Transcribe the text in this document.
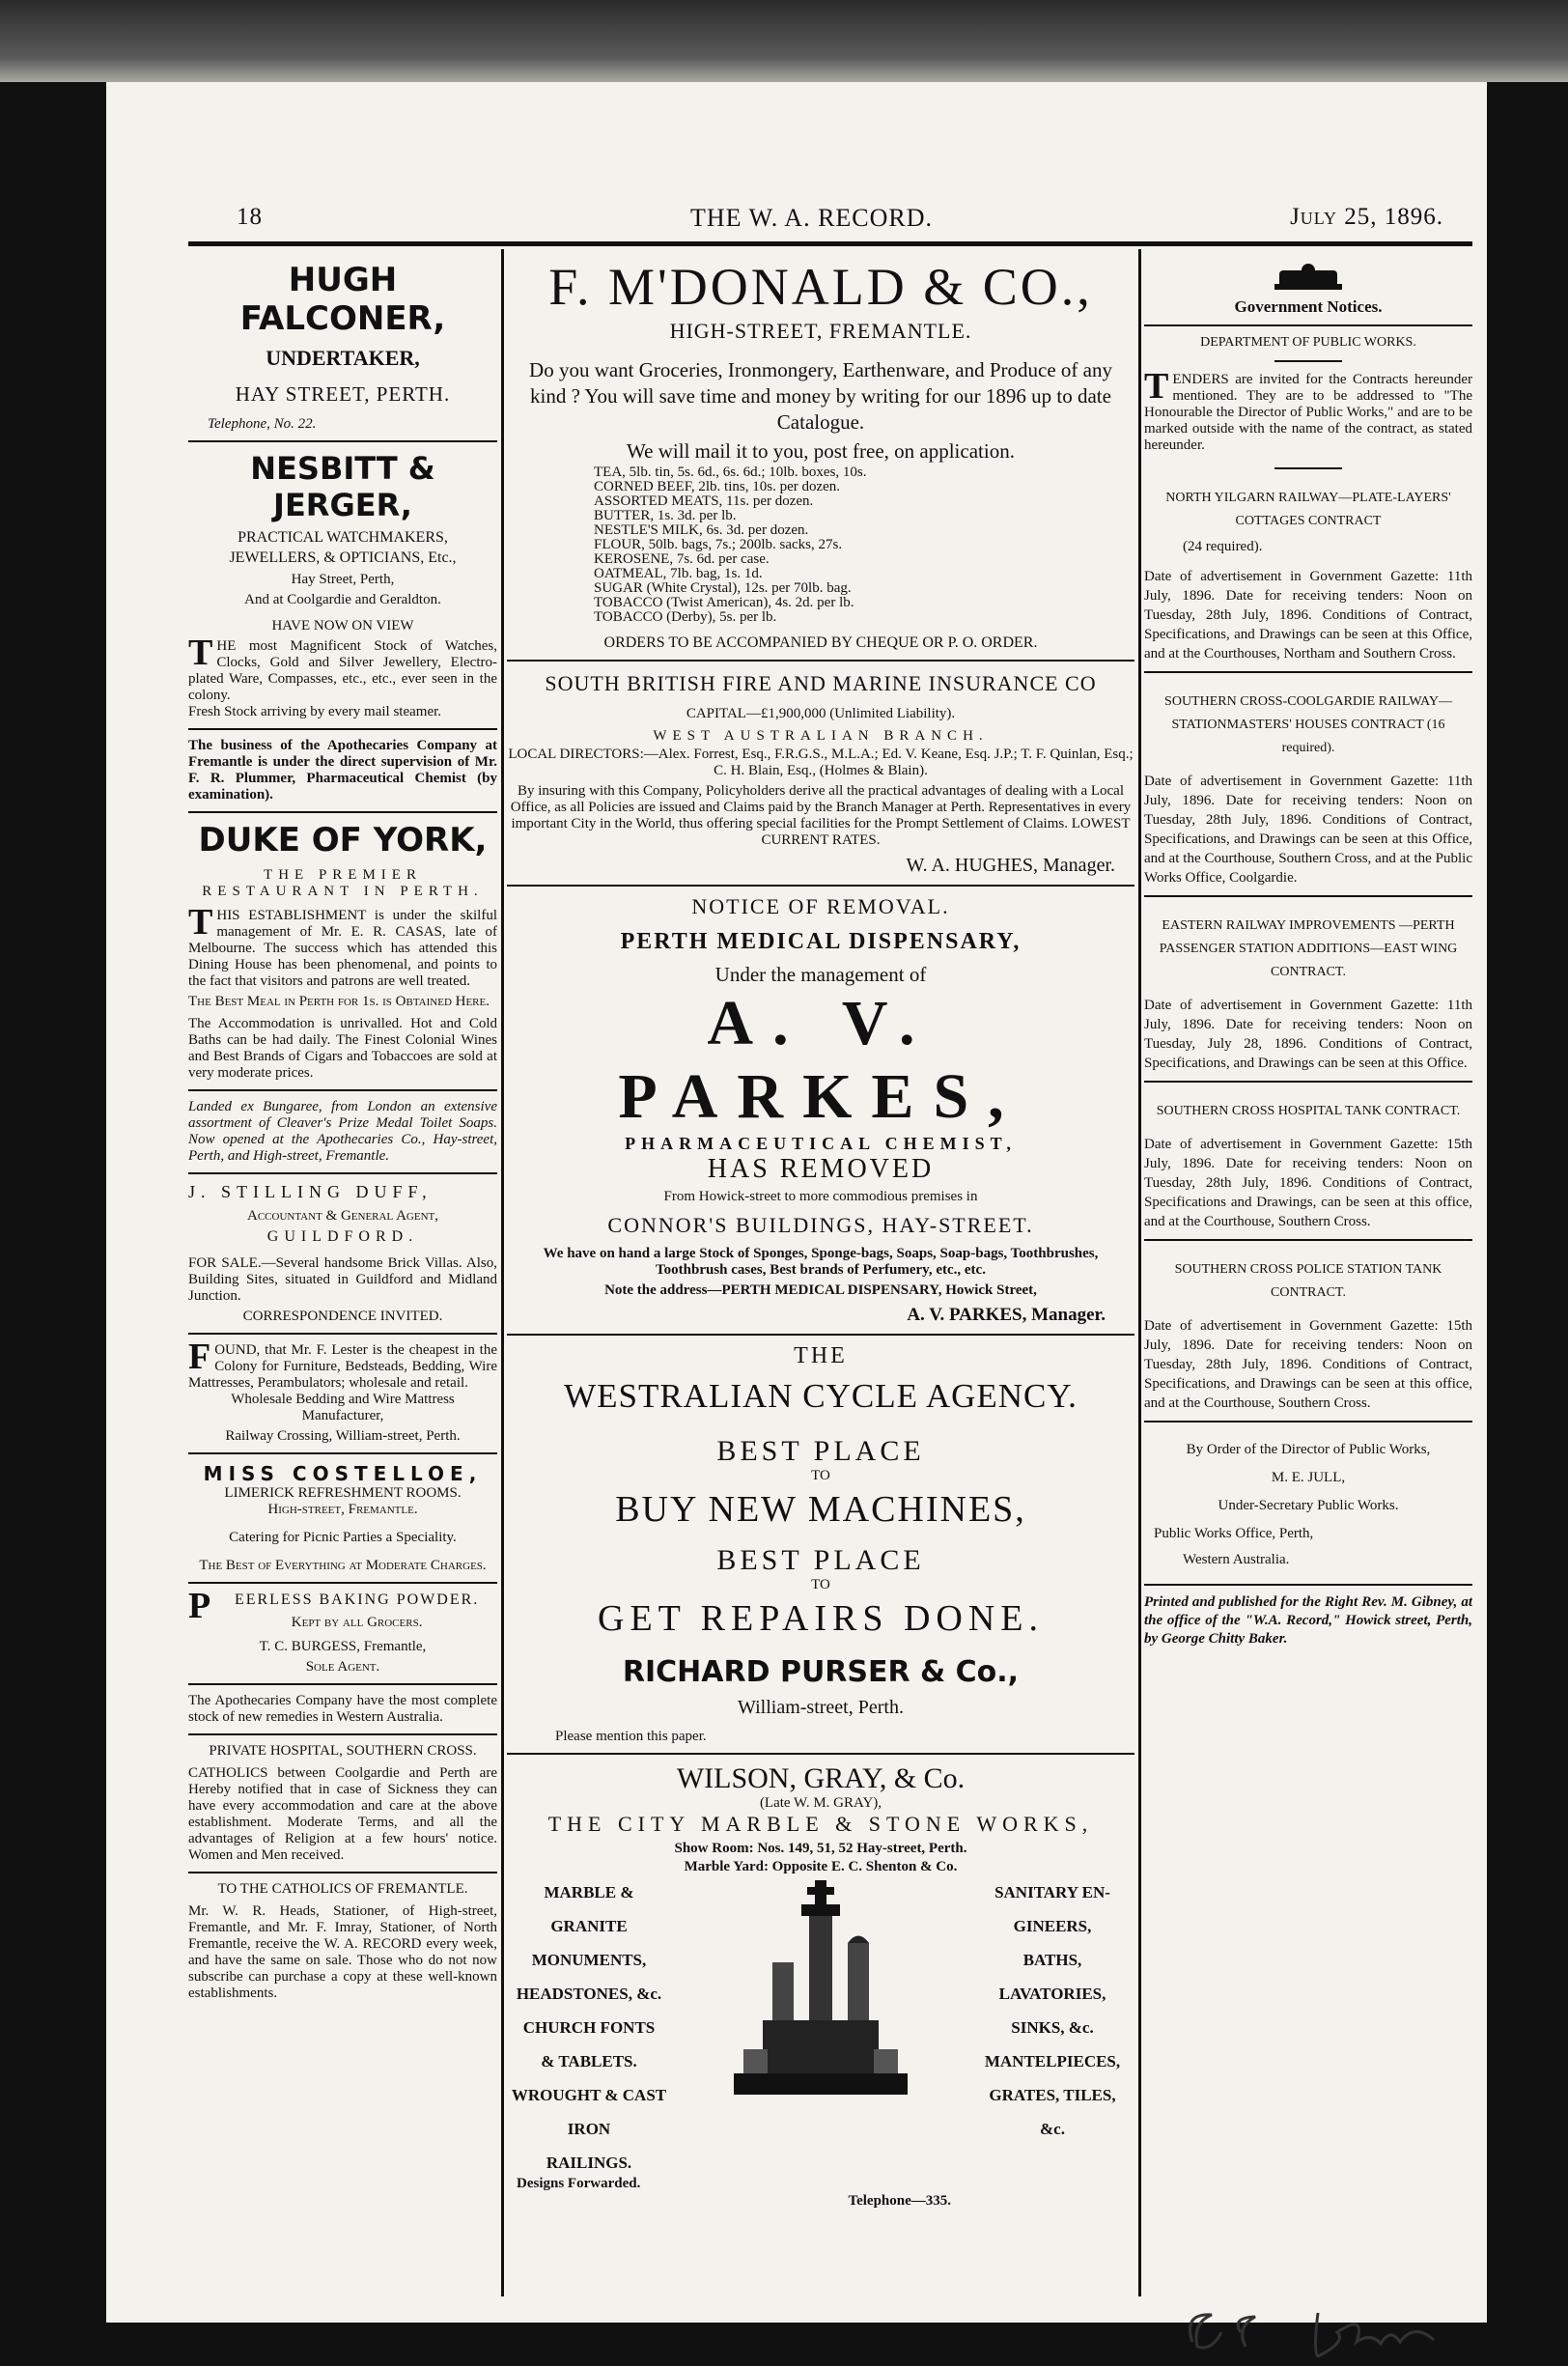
18	THE W. A. RECORD.	July 25, 1896.
HUGH FALCONER,
UNDERTAKER,
HAY STREET, PERTH.
Telephone, No. 22.
NESBITT & JERGER,
PRACTICAL WATCHMAKERS,
JEWELLERS, & OPTICIANS, Etc.,
Hay Street, Perth,
And at Coolgardie and Geraldton.
HAVE NOW ON VIEW
THE most Magnificent Stock of Watches, Clocks, Gold and Silver Jewellery, Electro-plated Ware, Compasses, etc., etc., ever seen in the colony.
Fresh Stock arriving by every mail steamer.
The business of the Apothecaries Company at Fremantle is under the direct supervision of Mr. F. R. Plummer, Pharmaceutical Chemist (by examination).
DUKE OF YORK,
THE PREMIER RESTAURANT IN PERTH.
THIS ESTABLISHMENT is under the skilful management of Mr. E. R. CASAS, late of Melbourne. The success which has attended this Dining House has been phenomenal, and points to the fact that visitors and patrons are well treated.
The Best Meal in Perth for 1s. is Obtained Here.
The Accommodation is unrivalled. Hot and Cold Baths can be had daily. The Finest Colonial Wines and Best Brands of Cigars and Tobaccoes are sold at very moderate prices.
Landed ex Bungaree, from London an extensive assortment of Cleaver's Prize Medal Toilet Soaps. Now opened at the Apothecaries Co., Hay-street, Perth, and High-street, Fremantle.
J. STILLING DUFF,
Accountant & General Agent,
GUILDFORD.
FOR SALE.—Several handsome Brick Villas. Also, Building Sites, situated in Guildford and Midland Junction.
CORRESPONDENCE INVITED.
FOUND, that Mr. F. Lester is the cheapest in the Colony for Furniture, Bedsteads, Bedding, Wire Mattresses, Perambulators; wholesale and retail.
Wholesale Bedding and Wire Mattress Manufacturer,
Railway Crossing, William-street, Perth.
MISS COSTELLOE,
LIMERICK REFRESHMENT ROOMS.
High-street, Fremantle.
Catering for Picnic Parties a Speciality.
The Best of Everything at Moderate Charges.
PEERLESS BAKING POWDER.
Kept by all Grocers.
T. C. BURGESS, Fremantle,
Sole Agent.
The Apothecaries Company have the most complete stock of new remedies in Western Australia.
PRIVATE HOSPITAL, SOUTHERN CROSS.
CATHOLICS between Coolgardie and Perth are Hereby notified that in case of Sickness they can have every accommodation and care at the above establishment. Moderate Terms, and all the advantages of Religion at a few hours' notice. Women and Men received.
TO THE CATHOLICS OF FREMANTLE.
Mr. W. R. Heads, Stationer, of High-street, Fremantle, and Mr. F. Imray, Stationer, of North Fremantle, receive the W. A. RECORD every week, and have the same on sale. Those who do not now subscribe can purchase a copy at these well-known establishments.
F. M'DONALD & CO.,
HIGH-STREET, FREMANTLE.
Do you want Groceries, Ironmongery, Earthenware, and Produce of any kind ? You will save time and money by writing for our 1896 up to date Catalogue.
We will mail it to you, post free, on application.
TEA, 5lb. tin, 5s. 6d., 6s. 6d.; 10lb. boxes, 10s.
CORNED BEEF, 2lb. tins, 10s. per dozen.
ASSORTED MEATS, 11s. per dozen.
BUTTER, 1s. 3d. per lb.
NESTLE'S MILK, 6s. 3d. per dozen.
FLOUR, 50lb. bags, 7s.; 200lb. sacks, 27s.
KEROSENE, 7s. 6d. per case.
OATMEAL, 7lb. bag, 1s. 1d.
SUGAR (White Crystal), 12s. per 70lb. bag.
TOBACCO (Twist American), 4s. 2d. per lb.
TOBACCO (Derby), 5s. per lb.
ORDERS TO BE ACCOMPANIED BY CHEQUE OR P. O. ORDER.
SOUTH BRITISH FIRE AND MARINE INSURANCE CO
CAPITAL—£1,900,000 (Unlimited Liability).
WEST AUSTRALIAN BRANCH.
LOCAL DIRECTORS:—Alex. Forrest, Esq., F.R.G.S., M.L.A.; Ed. V. Keane, Esq. J.P.; T. F. Quinlan, Esq.; C. H. Blain, Esq., (Holmes & Blain).
By insuring with this Company, Policyholders derive all the practical advantages of dealing with a Local Office, as all Policies are issued and Claims paid by the Branch Manager at Perth. Representatives in every important City in the World, thus offering special facilities for the Prompt Settlement of Claims. LOWEST CURRENT RATES.
W. A. HUGHES, Manager.
NOTICE OF REMOVAL.
PERTH MEDICAL DISPENSARY,
Under the management of
A. V. PARKES,
PHARMACEUTICAL CHEMIST,
HAS REMOVED
From Howick-street to more commodious premises in
CONNOR'S BUILDINGS, HAY-STREET.
We have on hand a large Stock of Sponges, Sponge-bags, Soaps, Soap-bags, Toothbrushes, Toothbrush cases, Best brands of Perfumery, etc., etc.
Note the address—PERTH MEDICAL DISPENSARY, Howick Street,
A. V. PARKES, Manager.
THE
WESTRALIAN CYCLE AGENCY.
BEST PLACE
TO
BUY NEW MACHINES,
BEST PLACE
TO
GET REPAIRS DONE.
RICHARD PURSER & Co.,
William-street, Perth.
Please mention this paper.
WILSON, GRAY, & Co.
(Late W. M. GRAY),
THE CITY MARBLE & STONE WORKS,
Show Room: Nos. 149, 51, 52 Hay-street, Perth.
Marble Yard: Opposite E. C. Shenton & Co.
MARBLE & GRANITE
MONUMENTS,
HEADSTONES, &c.
CHURCH FONTS
& TABLETS.
WROUGHT & CAST IRON
RAILINGS.
SANITARY EN-
GINEERS,
BATHS,
LAVATORIES,
SINKS, &c.
MANTELPIECES,
GRATES, TILES,
&c.
Designs Forwarded.
Telephone—335.
Government Notices.
DEPARTMENT OF PUBLIC WORKS.
TENDERS are invited for the Contracts hereunder mentioned. They are to be addressed to "The Honourable the Director of Public Works," and are to be marked outside with the name of the contract, as stated hereunder.
NORTH YILGARN RAILWAY—PLATE-LAYERS' COTTAGES CONTRACT
(24 required).
Date of advertisement in Government Gazette: 11th July, 1896. Date for receiving tenders: Noon on Tuesday, 28th July, 1896. Conditions of Contract, Specifications, and Drawings can be seen at this Office, and at the Courthouses, Northam and Southern Cross.
SOUTHERN CROSS-COOLGARDIE RAILWAY—STATIONMASTERS' HOUSES CONTRACT (16 required).
Date of advertisement in Government Gazette: 11th July, 1896. Date for receiving tenders: Noon on Tuesday, 28th July, 1896. Conditions of Contract, Specifications, and Drawings can be seen at this Office, and at the Courthouse, Southern Cross, and at the Public Works Office, Coolgardie.
EASTERN RAILWAY IMPROVEMENTS —PERTH PASSENGER STATION ADDITIONS—EAST WING CONTRACT.
Date of advertisement in Government Gazette: 11th July, 1896. Date for receiving tenders: Noon on Tuesday, July 28, 1896. Conditions of Contract, Specifications, and Drawings can be seen at this Office.
SOUTHERN CROSS HOSPITAL TANK CONTRACT.
Date of advertisement in Government Gazette: 15th July, 1896. Date for receiving tenders: Noon on Tuesday, 28th July, 1896. Conditions of Contract, Specifications and Drawings, can be seen at this office, and at the Courthouse, Southern Cross.
SOUTHERN CROSS POLICE STATION TANK CONTRACT.
Date of advertisement in Government Gazette: 15th July, 1896. Date for receiving tenders: Noon on Tuesday, 28th July, 1896. Conditions of Contract, Specifications, and Drawings can be seen at this office, and at the Courthouse, Southern Cross.
By Order of the Director of Public Works,
M. E. JULL,
Under-Secretary Public Works.
Public Works Office, Perth,
Western Australia.
Printed and published for the Right Rev. M. Gibney, at the office of the "W.A. Record," Howick street, Perth, by George Chitty Baker.
